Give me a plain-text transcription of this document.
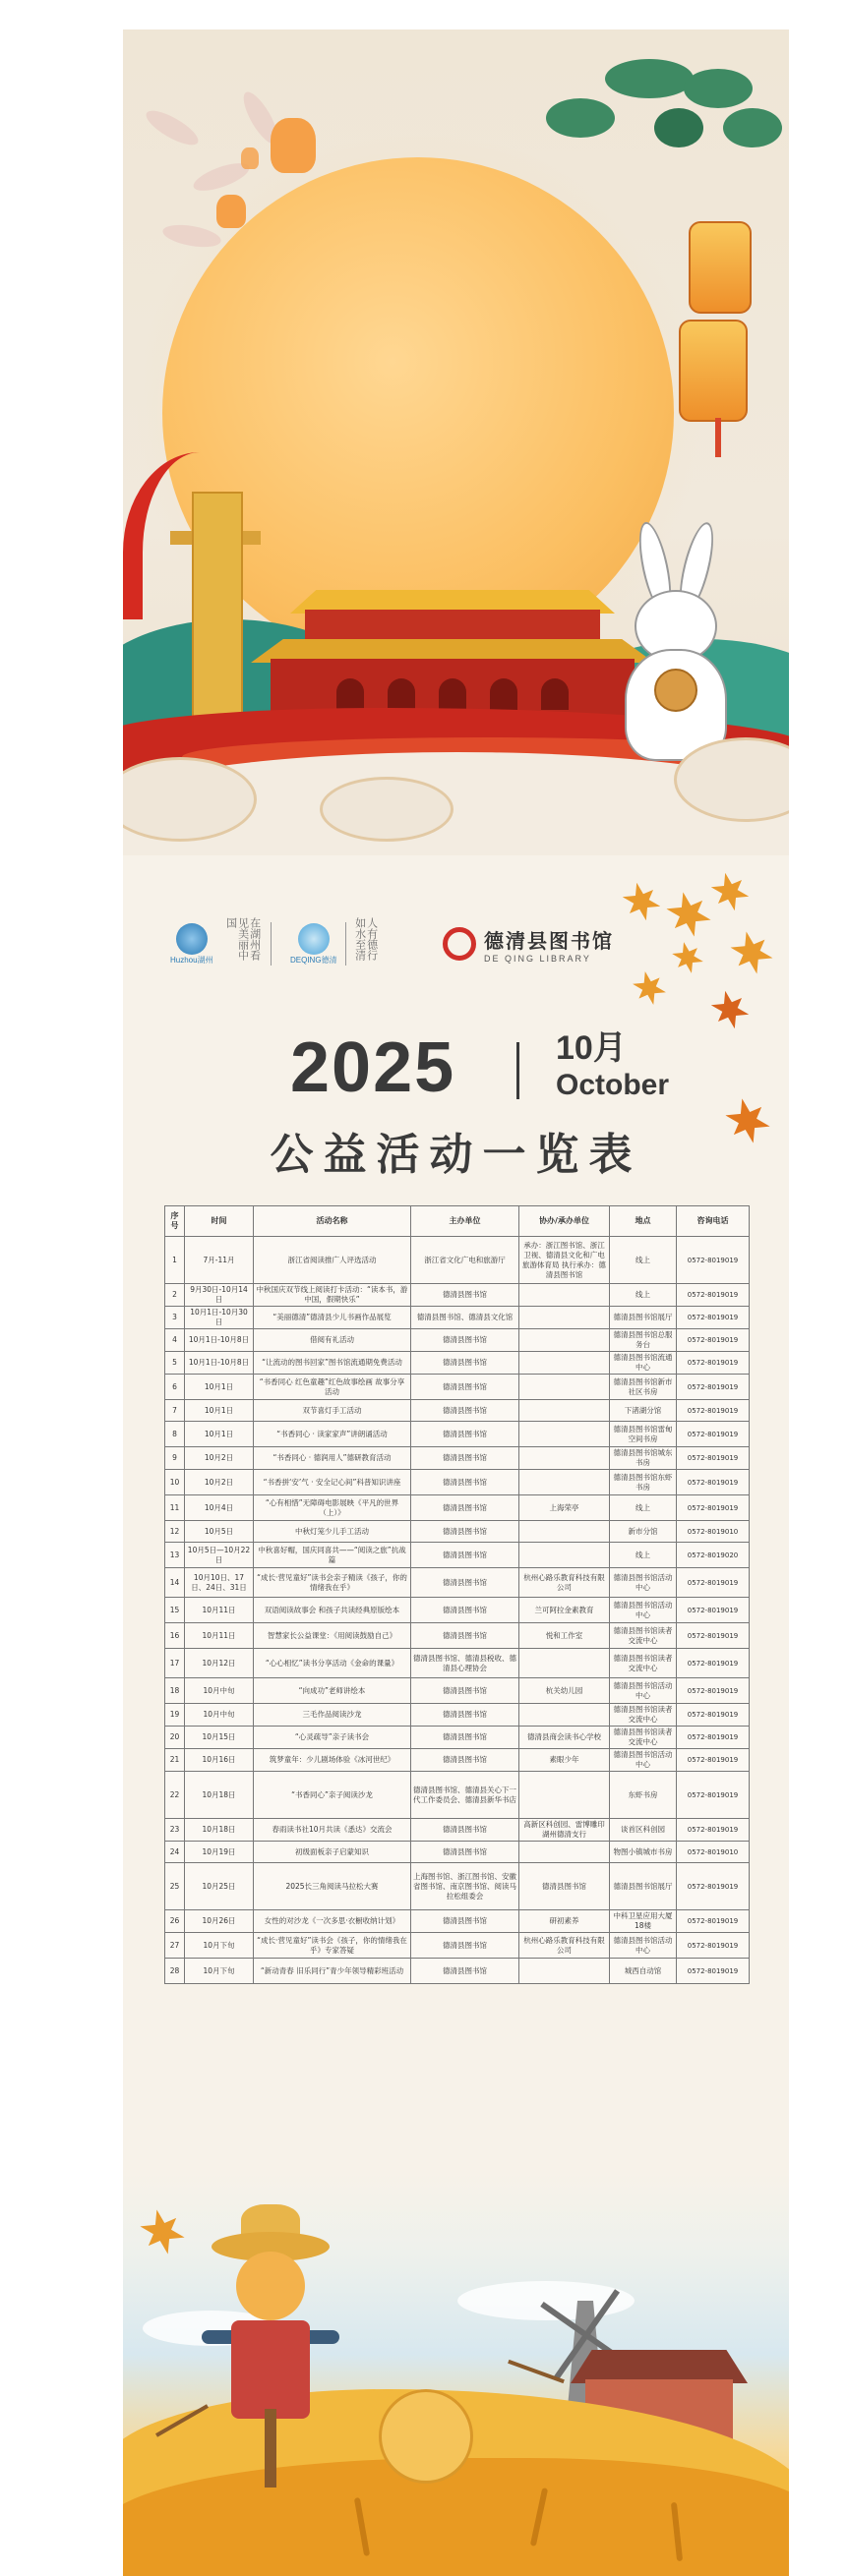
Huzhou湖州	在湖州看见美丽中国
DEQING德清	人有德行如水至清	德清县图书馆
DE QING LIBRARY
2025	10月
October
公益活动一览表
序号	时间	活动名称	主办单位	协办/承办单位	地点	咨询电话
1	7月-11月	浙江省阅读推广人评选活动	浙江省文化广电和旅游厅	承办：浙江图书馆、浙江卫视、德清县文化和广电旅游体育局 执行承办：德清县图书馆	线上	0572-8019019
2	9月30日-10月14日	中秋国庆双节线上阅读打卡活动：“读本书，游中国，假期快乐”	德清县图书馆		线上	0572-8019019
3	10月1日-10月30日	“美丽德清”德清县少儿书画作品展览	德清县图书馆、德清县文化馆		德清县图书馆展厅	0572-8019019
4	10月1日-10月8日	借阅有礼活动	德清县图书馆		德清县图书馆总服务台	0572-8019019
5	10月1日-10月8日	“让流动的图书回家”图书馆流通期免费活动	德清县图书馆		德清县图书馆流通中心	0572-8019019
6	10月1日	“书香同心 红色童趣”红色故事绘画 故事分享活动	德清县图书馆		德清县图书馆新市社区书房	0572-8019019
7	10月1日	双节喜灯手工活动	德清县图书馆		下渚湖分馆	0572-8019019
8	10月1日	“书香同心 · 读家家声”讲朗诵活动	德清县图书馆		德清县图书馆雷甸空间书房	0572-8019019
9	10月2日	“书香同心 · 德润用人”德研教育活动	德清县图书馆		德清县图书馆城东书房	0572-8019019
10	10月2日	“书香拼‘安’气 · 安全记心间”科普知识讲座	德清县图书馆		德清县图书馆东虾书房	0572-8019019
11	10月4日	“心有相惜”无障碍电影展映《平凡的世界（上）》	德清县图书馆	上海荣亭	线上	0572-8019019
12	10月5日	中秋灯笼少儿手工活动	德清县图书馆		新市分馆	0572-8019010
13	10月5日—10月22日	中秋喜好帽，国庆同喜共——“阅读之旅”抗战篇	德清县图书馆		线上	0572-8019020
14	10月10日、17日、24日、31日	“成长·营见童好”读书会亲子精读《孩子，你的情绪我在乎》	德清县图书馆	杭州心路乐教育科技有限公司	德清县图书馆活动中心	0572-8019019
15	10月11日	双语阅读故事会 和孩子共读经典原版绘本	德清县图书馆	兰可阿拉金素教育	德清县图书馆活动中心	0572-8019019
16	10月11日	智慧家长公益课堂：《用阅读鼓励自己》	德清县图书馆	悦和工作室	德清县图书馆读者交流中心	0572-8019019
17	10月12日	“心心相忆”读书分享活动《金命的课量》	德清县图书馆、德清县税收、德清县心理协会		德清县图书馆读者交流中心	0572-8019019
18	10月中旬	“向成功”老师讲绘本	德清县图书馆	杭关幼儿园	德清县图书馆活动中心	0572-8019019
19	10月中旬	三毛作品阅读沙龙	德清县图书馆		德清县图书馆读者交流中心	0572-8019019
20	10月15日	“心灵疏导”亲子读书会	德清县图书馆	德清县商会读书心学校	德清县图书馆读者交流中心	0572-8019019
21	10月16日	筑梦童年：少儿剧场体验《冰河世纪》	德清县图书馆	素眼少年	德清县图书馆活动中心	0572-8019019
22	10月18日	“书香同心”亲子阅读沙龙	德清县图书馆、德清县关心下一代工作委员会、德清县新华书店		东虾书房	0572-8019019
23	10月18日	春雨读书社10月共读《悉达》交流会	德清县图书馆	高新区科创园、雷博雕印湖州德清支行	谈首区科创园	0572-8019019
24	10月19日	初级面板亲子启蒙知识	德清县图书馆		物图小镇城市书房	0572-8019010
25	10月25日	2025长三角阅读马拉松大赛	上海图书馆、浙江图书馆、安徽省图书馆、南京图书馆、阅读马拉松组委会	德清县图书馆	德清县图书馆展厅	0572-8019019
26	10月26日	女性的对沙龙《一次多思·衣橱收纳计划》	德清县图书馆	研初素养	中科卫星应用大厦18楼	0572-8019019
27	10月下旬	“成长·营见童好”读书会《孩子，你的情绪我在乎》专家答疑	德清县图书馆	杭州心路乐教育科技有限公司	德清县图书馆活动中心	0572-8019019
28	10月下旬	“新动青春 旧乐同行”青少年领导精彩班活动	德清县图书馆		城西自动馆	0572-8019019
